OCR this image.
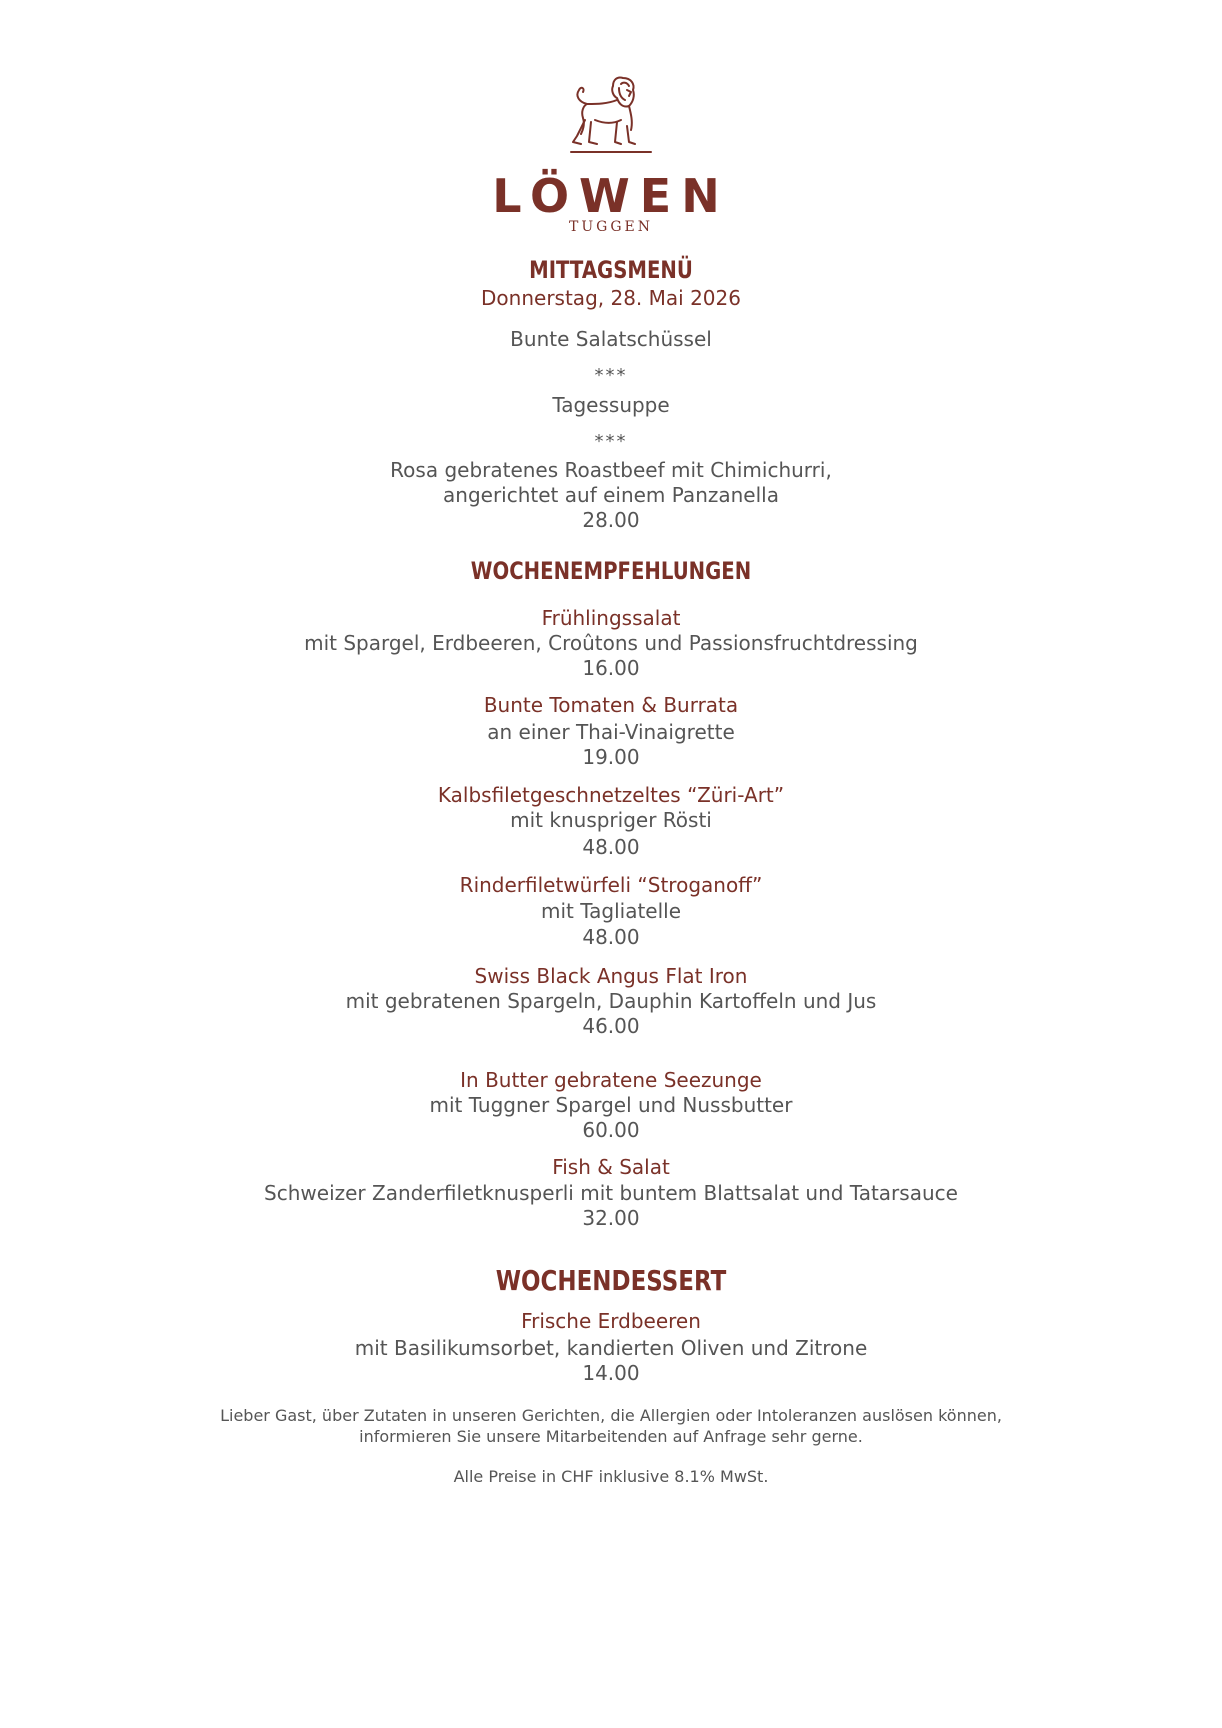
LÖWEN
TUGGEN
MITTAGSMENÜ
Donnerstag, 28. Mai 2026
Bunte Salatschüssel
***
Tagessuppe
***
Rosa gebratenes Roastbeef mit Chimichurri,
angerichtet auf einem Panzanella
28.00
WOCHENEMPFEHLUNGEN
Frühlingssalat
mit Spargel, Erdbeeren, Croûtons und Passionsfruchtdressing
16.00
Bunte Tomaten & Burrata
an einer Thai-Vinaigrette
19.00
Kalbsfiletgeschnetzeltes “Züri-Art”
mit knuspriger Rösti
48.00
Rinderfiletwürfeli “Stroganoff”
mit Tagliatelle
48.00
Swiss Black Angus Flat Iron
mit gebratenen Spargeln, Dauphin Kartoffeln und Jus
46.00
In Butter gebratene Seezunge
mit Tuggner Spargel und Nussbutter
60.00
Fish & Salat
Schweizer Zanderfiletknusperli mit buntem Blattsalat und Tatarsauce
32.00
WOCHENDESSERT
Frische Erdbeeren
mit Basilikumsorbet, kandierten Oliven und Zitrone
14.00
Lieber Gast, über Zutaten in unseren Gerichten, die Allergien oder Intoleranzen auslösen können,
informieren Sie unsere Mitarbeitenden auf Anfrage sehr gerne.
Alle Preise in CHF inklusive 8.1% MwSt.
